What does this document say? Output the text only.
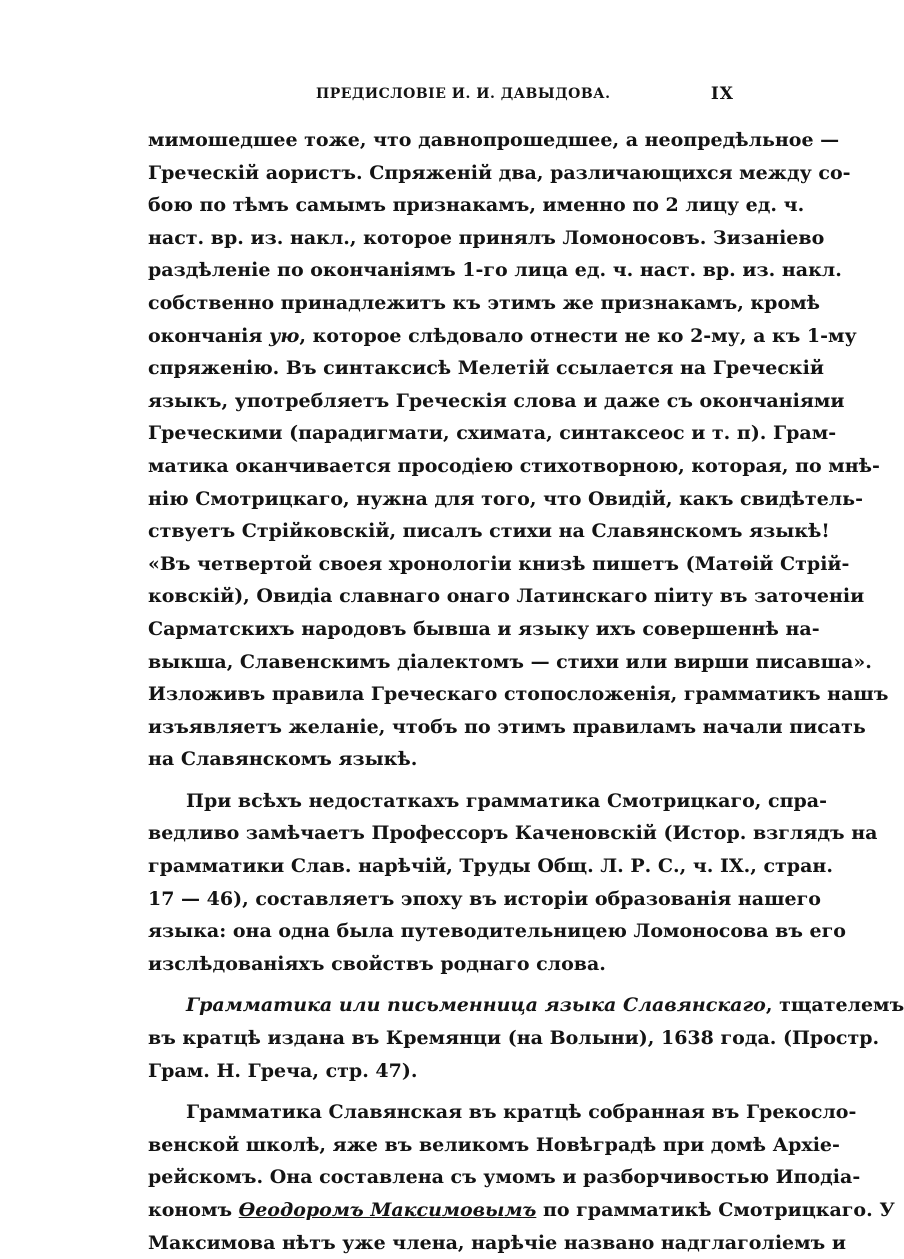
ПРЕДИСЛОВІЕ И. И. ДАВЫДОВА.	IX
мимошедшее тоже, что давнопрошедшее, а неопредѣльное —
Греческій аористъ. Спряженій два, различающихся между со-
бою по тѣмъ самымъ признакамъ, именно по 2 лицу ед. ч.
наст. вр. из. накл., которое принялъ Ломоносовъ. Зизаніево
раздѣленіе по окончаніямъ 1-го лица ед. ч. наст. вр. из. накл.
собственно принадлежитъ къ этимъ же признакамъ, кромѣ
окончанія ую, которое слѣдовало отнести не ко 2-му, а къ 1-му
спряженію. Въ синтаксисѣ Мелетій ссылается на Греческій
языкъ, употребляетъ Греческія слова и даже съ окончаніями
Греческими (парадигмати, схимата, синтаксеос и т. п). Грам-
матика оканчивается просодіею стихотворною, которая, по мнѣ-
нію Смотрицкаго, нужна для того, что Овидій, какъ свидѣтель-
ствуетъ Стрійковскій, писалъ стихи на Славянскомъ языкѣ!
«Въ четвертой своея хронологіи книзѣ пишетъ (Матѳій Стрій-
ковскій), Овидіа славнаго онаго Латинскаго піиту въ заточеніи
Сарматскихъ народовъ бывша и языку ихъ совершеннѣ на-
выкша, Славенскимъ діалектомъ — стихи или вирши писавша».
Изложивъ правила Греческаго стопосложенія, грамматикъ нашъ
изъявляетъ желаніе, чтобъ по этимъ правиламъ начали писать
на Славянскомъ языкѣ.
При всѣхъ недостаткахъ грамматика Смотрицкаго, спра-
ведливо замѣчаетъ Профессоръ Каченовскій (Истор. взглядъ на
грамматики Слав. нарѣчій, Труды Общ. Л. Р. С., ч. IX., стран.
17 — 46), составляетъ эпоху въ исторіи образованія нашего
языка: она одна была путеводительницею Ломоносова въ его
изслѣдованіяхъ свойствъ роднаго слова.
Грамматика или письменница языка Славянскаго, тщателемъ
въ кратцѣ издана въ Кремянци (на Волыни), 1638 года. (Простр.
Грам. Н. Греча, стр. 47).
Грамматика Славянская въ кратцѣ собранная въ Грекосло-
венской школѣ, яже въ великомъ Новѣградѣ при домѣ Архіе-
рейскомъ. Она составлена съ умомъ и разборчивостью Иподіа-
кономъ Ѳеодоромъ Максимовымъ по грамматикѣ Смотрицкаго. У
Максимова нѣтъ уже члена, нарѣчіе названо надглаголіемъ и
